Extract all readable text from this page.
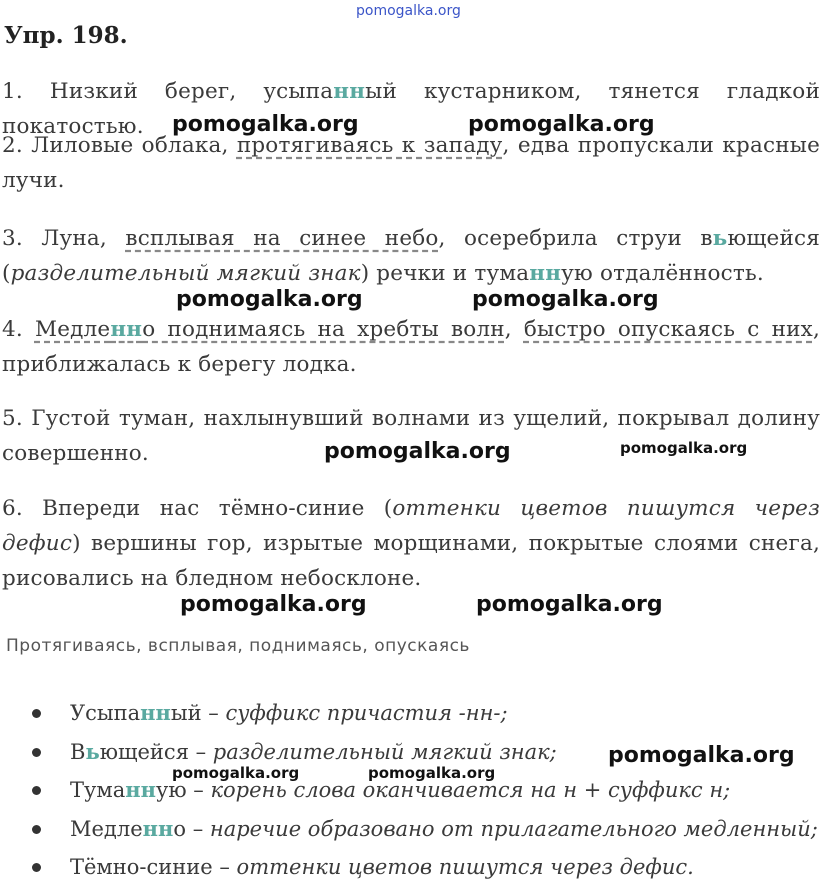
pomogalka.org
Упр. 198.
1. Низкий берег, усыпанный кустарником, тянется гладкой покатостью.
2. Лиловые облака, протягиваясь к западу, едва пропускали красные лучи.
3. Луна, всплывая на синее небо, осеребрила струи вьющейся (разделительный мягкий знак) речки и туманную отдалённость.
4. Медленно поднимаясь на хребты волн, быстро опускаясь с них, приближалась к берегу лодка.
5. Густой туман, нахлынувший волнами из ущелий, покрывал долину совершенно.
6. Впереди нас тёмно-синие (оттенки цветов пишутся через дефис) вершины гор, изрытые морщинами, покрытые слоями снега, рисовались на бледном небосклоне.
Протягиваясь, всплывая, поднимаясь, опускаясь
Усыпанный – суффикс причастия -нн-;
Вьющейся – разделительный мягкий знак;
Туманную – корень слова оканчивается на н + суффикс н;
Медленно – наречие образовано от прилагательного медленный;
Тёмно-синие – оттенки цветов пишутся через дефис.
pomogalka.org	pomogalka.org
pomogalka.org	pomogalka.org
pomogalka.org	pomogalka.org
pomogalka.org	pomogalka.org
pomogalka.org
pomogalka.org	pomogalka.org
